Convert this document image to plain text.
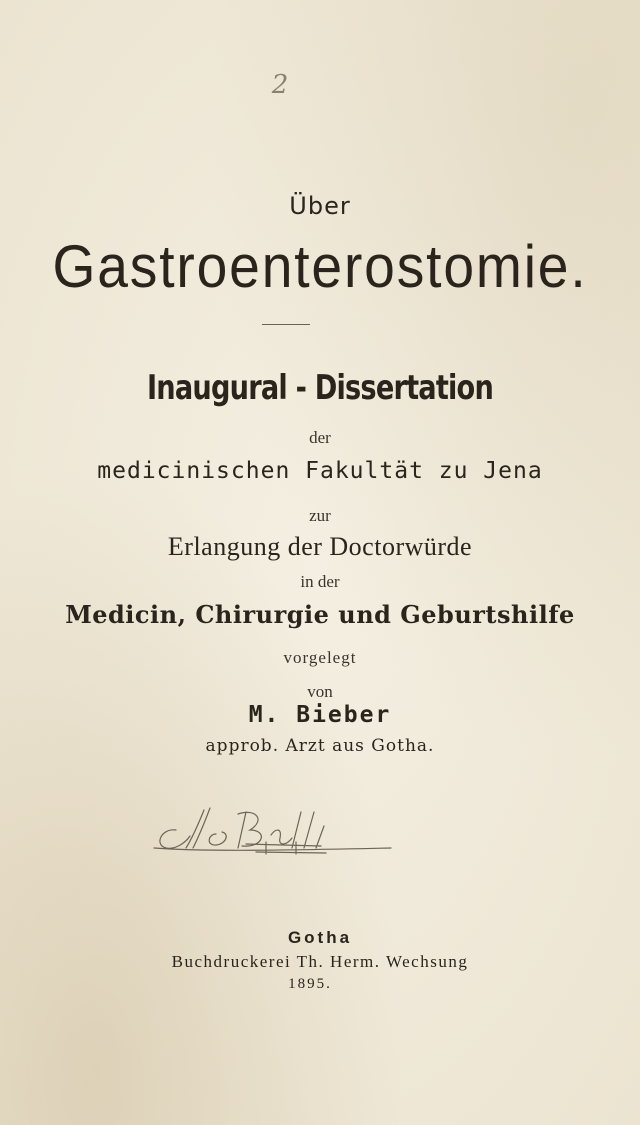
2
Über
Gastroenterostomie.
Inaugural - Dissertation
der
medicinischen Fakultät zu Jena
zur
Erlangung der Doctorwürde
in der
Medicin, Chirurgie und Geburtshilfe
vorgelegt
von
M. Bieber
approb. Arzt aus Gotha.
Gotha
Buchdruckerei Th. Herm. Wechsung
1895.
